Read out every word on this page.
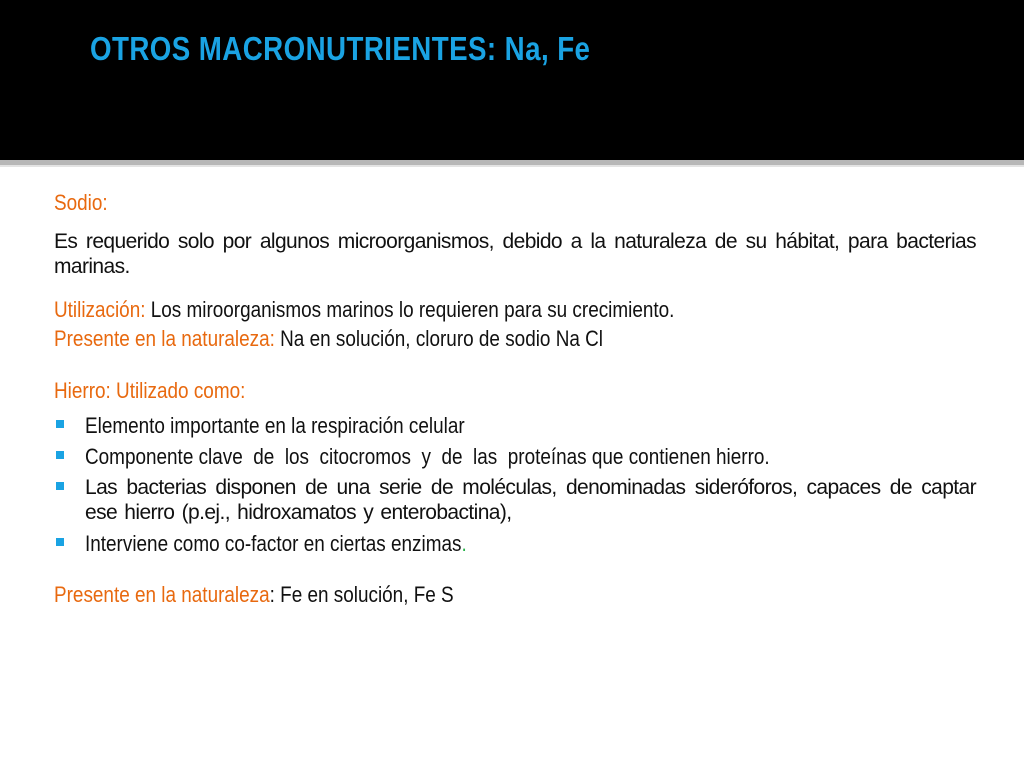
OTROS MACRONUTRIENTES: Na, Fe

Sodio:

Es requerido solo por algunos microorganismos, debido a la naturaleza de su hábitat, para bacterias marinas.

Utilización: Los miroorganismos marinos lo requieren para su crecimiento.

Presente en la naturaleza: Na en solución, cloruro de sodio Na Cl

Hierro: Utilizado como:

Elemento importante en la respiración celular
Componente clave  de  los  citocromos  y  de  las  proteínas que contienen hierro.
Las bacterias disponen de una serie de moléculas, denominadas sideróforos, capaces de captar ese hierro (p.ej., hidroxamatos y enterobactina),
Interviene como co-factor en ciertas enzimas.

Presente en la naturaleza: Fe en solución, Fe S
